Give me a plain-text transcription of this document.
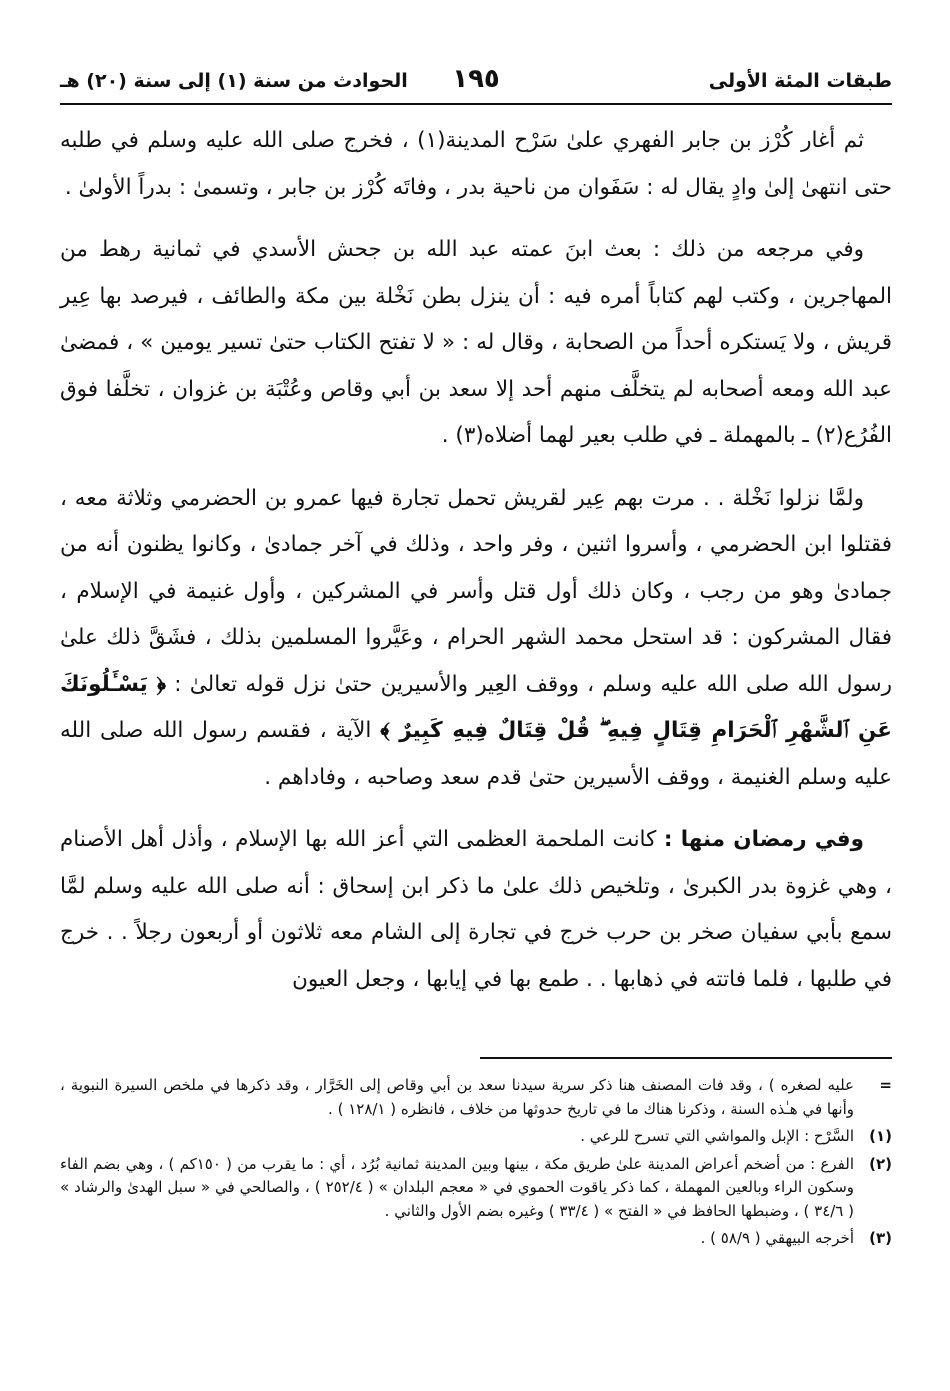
طبقات المئة الأولى
١٩٥
الحوادث من سنة (١) إلى سنة (٢٠) هـ

ثم أغار كُرْز بن جابر الفهري علىٰ سَرْح المدينة(١) ، فخرج صلى الله عليه وسلم في طلبه حتى انتهىٰ إلىٰ وادٍ يقال له : سَفَوان من ناحية بدر ، وفاتَه كُرْز بن جابر ، وتسمىٰ : بدراً الأولىٰ .

وفي مرجعه من ذلك : بعث ابنَ عمته عبد الله بن جحش الأسدي في ثمانية رهط من المهاجرين ، وكتب لهم كتاباً أمره فيه : أن ينزل بطن نَخْلة بين مكة والطائف ، فيرصد بها عِير قريش ، ولا يَستكره أحداً من الصحابة ، وقال له : « لا تفتح الكتاب حتىٰ تسير يومين » ، فمضىٰ عبد الله ومعه أصحابه لم يتخلَّف منهم أحد إلا سعد بن أبي وقاص وعُتْبَة بن غزوان ، تخلَّفا فوق الفُرُع(٢) ـ بالمهملة ـ في طلب بعير لهما أضلاه(٣) .

ولمَّا نزلوا نَخْلة . . مرت بهم عِير لقريش تحمل تجارة فيها عمرو بن الحضرمي وثلاثة معه ، فقتلوا ابن الحضرمي ، وأسروا اثنين ، وفر واحد ، وذلك في آخر جمادىٰ ، وكانوا يظنون أنه من جمادىٰ وهو من رجب ، وكان ذلك أول قتل وأسر في المشركين ، وأول غنيمة في الإسلام ، فقال المشركون : قد استحل محمد الشهر الحرام ، وعَيَّروا المسلمين بذلك ، فشَقَّ ذلك علىٰ رسول الله صلى الله عليه وسلم ، ووقف العِير والأسيرين حتىٰ نزل قوله تعالىٰ : ﴿ يَسْـَٔلُونَكَ عَنِ ٱلشَّهْرِ ٱلْحَرَامِ قِتَالٍ فِيهِ ۖ قُلْ قِتَالٌ فِيهِ كَبِيرٌ ﴾ الآية ، فقسم رسول الله صلى الله عليه وسلم الغنيمة ، ووقف الأسيرين حتىٰ قدم سعد وصاحبه ، وفاداهم .

وفي رمضان منها : كانت الملحمة العظمى التي أعز الله بها الإسلام ، وأذل أهل الأصنام ، وهي غزوة بدر الكبرىٰ ، وتلخيص ذلك علىٰ ما ذكر ابن إسحاق : أنه صلى الله عليه وسلم لمَّا سمع بأبي سفيان صخر بن حرب خرج في تجارة إلى الشام معه ثلاثون أو أربعون رجلاً . . خرج في طلبها ، فلما فاتته في ذهابها . . طمع بها في إيابها ، وجعل العيون

=
عليه لصغره ) ، وقد فات المصنف هنا ذكر سرية سيدنا سعد بن أبي وقاص إلى الخَرَّار ، وقد ذكرها في ملخص السيرة النبوية ، وأنها في هـٰذه السنة ، وذكرنا هناك ما في تاريخ حدوثها من خلاف ، فانظره ( ١٢٨/١ ) .
(١)
السَّرْح : الإبل والمواشي التي تسرح للرعي .
(٢)
الفرع : من أضخم أعراض المدينة علىٰ طريق مكة ، بينها وبين المدينة ثمانية بُرُد ، أي : ما يقرب من ( ١٥٠كم ) ، وهي بضم الفاء وسكون الراء وبالعين المهملة ، كما ذكر ياقوت الحموي في « معجم البلدان » ( ٢٥٢/٤ ) ، والصالحي في « سبل الهدىٰ والرشاد » ( ٣٤/٦ ) ، وضبطها الحافظ في « الفتح » ( ٣٣/٤ ) وغيره بضم الأول والثاني .
(٣)
أخرجه البيهقي ( ٥٨/٩ ) .
